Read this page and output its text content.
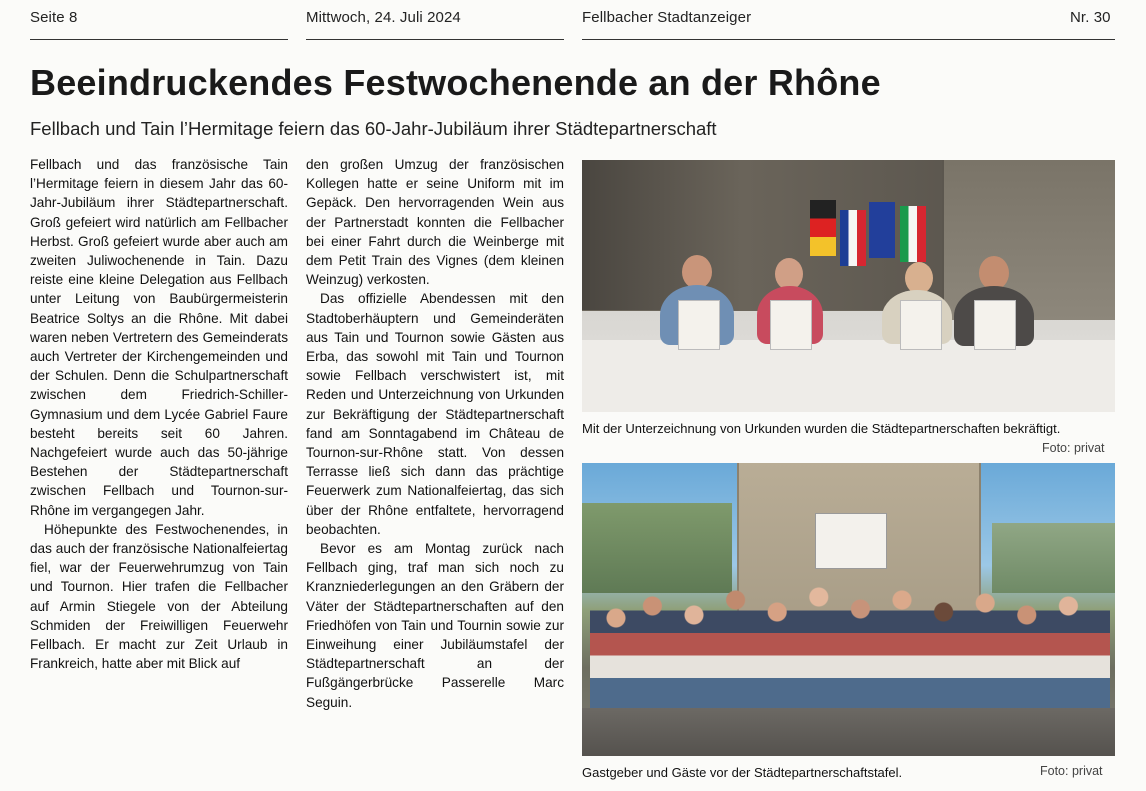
Seite 8	Mittwoch, 24. Juli 2024	Fellbacher Stadtanzeiger	Nr. 30
Beeindruckendes Festwochenende an der Rhône
Fellbach und Tain l’Hermitage feiern das 60-Jahr-Jubiläum ihrer Städtepartnerschaft

Fellbach und das französische Tain l’Hermitage feiern in diesem Jahr das 60-Jahr-Jubiläum ihrer Städtepartnerschaft. Groß gefeiert wird natürlich am Fellbacher Herbst. Groß gefeiert wurde aber auch am zweiten Juliwochenende in Tain. Dazu reiste eine kleine Delegation aus Fellbach unter Leitung von Baubürgermeisterin Beatrice Soltys an die Rhône. Mit dabei waren neben Vertretern des Gemeinderats auch Vertreter der Kirchengemeinden und der Schulen. Denn die Schulpartnerschaft zwischen dem Friedrich-Schiller-Gymnasium und dem Lycée Gabriel Faure besteht bereits seit 60 Jahren. Nachgefeiert wurde auch das 50-jährige Bestehen der Städtepartnerschaft zwischen Fellbach und Tournon-sur-Rhône im vergangegen Jahr.

Höhepunkte des Festwochenendes, in das auch der französische Nationalfeiertag fiel, war der Feuerwehrumzug von Tain und Tournon. Hier trafen die Fellbacher auf Armin Stiegele von der Abteilung Schmiden der Freiwilligen Feuerwehr Fellbach. Er macht zur Zeit Urlaub in Frankreich, hatte aber mit Blick auf

den großen Umzug der französischen Kollegen hatte er seine Uniform mit im Gepäck. Den hervorragenden Wein aus der Partnerstadt konnten die Fellbacher bei einer Fahrt durch die Weinberge mit dem Petit Train des Vignes (dem kleinen Weinzug) verkosten.

Das offizielle Abendessen mit den Stadtoberhäuptern und Gemeinderäten aus Tain und Tournon sowie Gästen aus Erba, das sowohl mit Tain und Tournon sowie Fellbach verschwistert ist, mit Reden und Unterzeichnung von Urkunden zur Bekräftigung der Städtepartnerschaft fand am Sonntagabend im Château de Tournon-sur-Rhône statt. Von dessen Terrasse ließ sich dann das prächtige Feuerwerk zum Nationalfeiertag, das sich über der Rhône entfaltete, hervorragend beobachten.

Bevor es am Montag zurück nach Fellbach ging, traf man sich noch zu Kranzniederlegungen an den Gräbern der Väter der Städtepartnerschaften auf den Friedhöfen von Tain und Tournin sowie zur Einweihung einer Jubiläumstafel der Städtepartnerschaft an der Fußgängerbrücke Passerelle Marc Seguin.

Mit der Unterzeichnung von Urkunden wurden die Städtepartnerschaften bekräftigt.
Foto: privat
Gastgeber und Gäste vor der Städtepartnerschaftstafel.	Foto: privat
